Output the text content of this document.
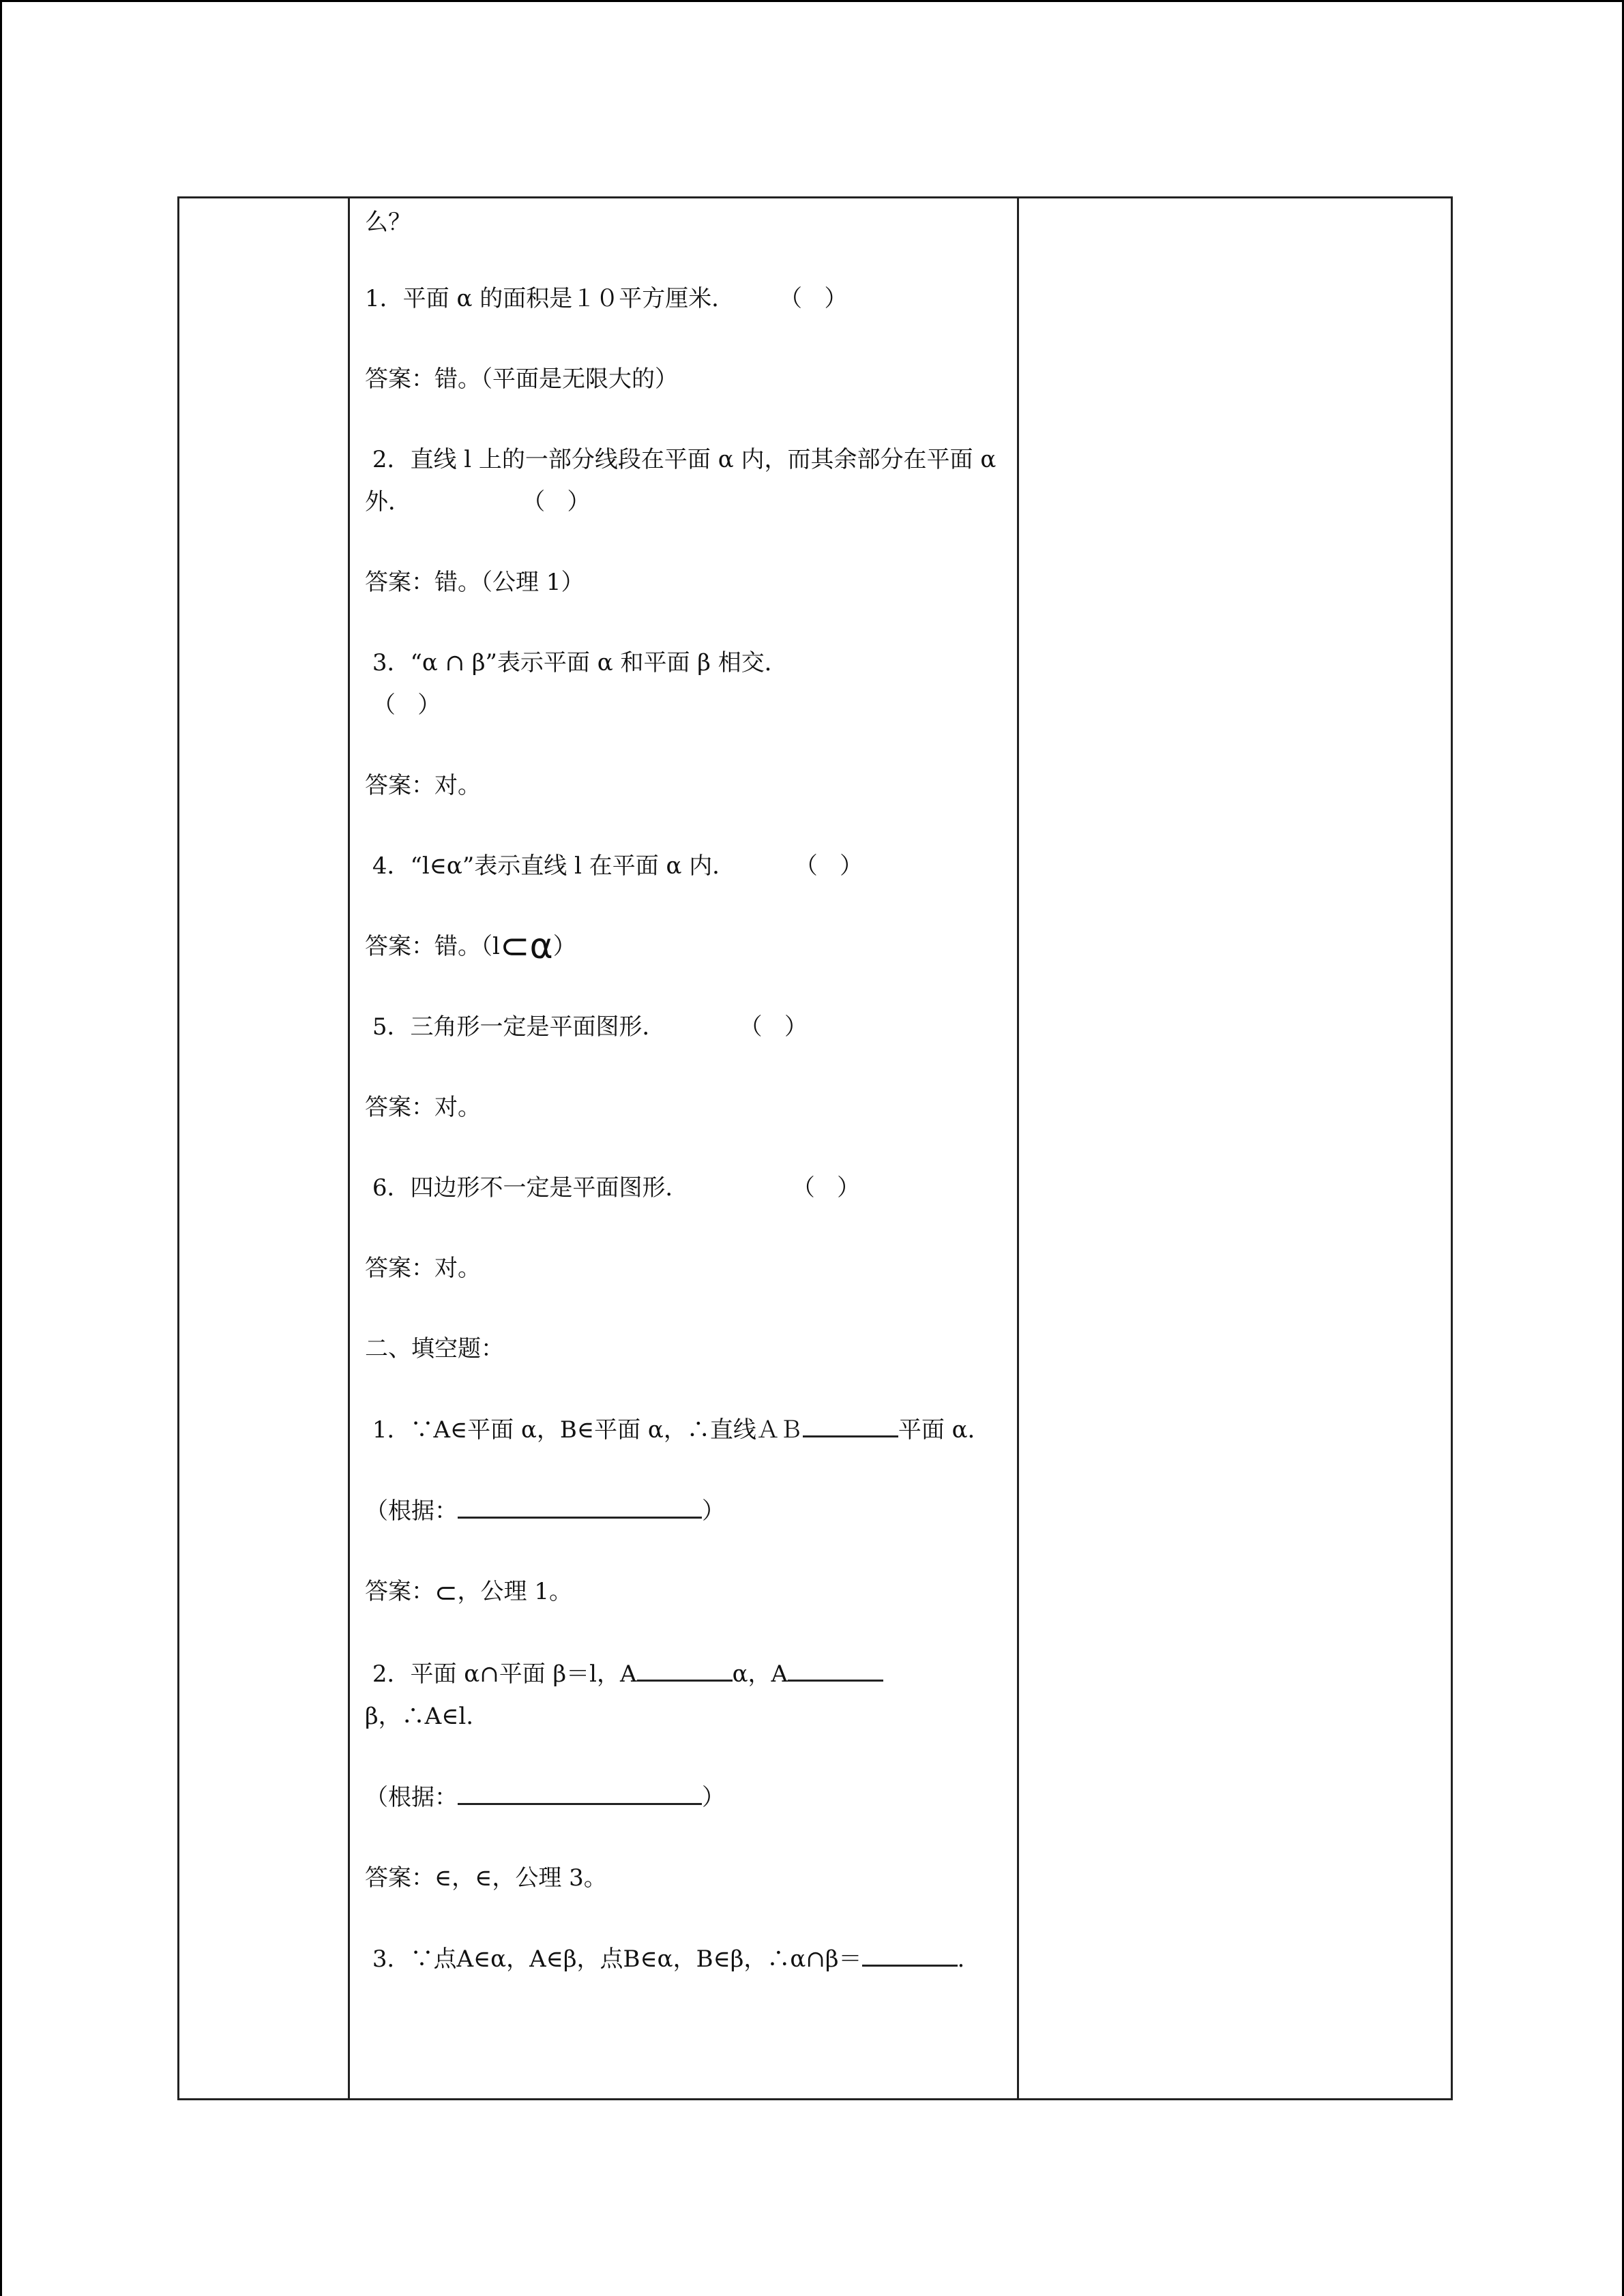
么？
1．平面 α 的面积是１０平方厘米．      （   ）
答案：错。（平面是无限大的）
2．直线 l 上的一部分线段在平面 α 内，而其余部分在平面 α 外．               （   ）
答案：错。（公理 1）
3．“α ∩ β”表示平面 α 和平面 β 相交．
（   ）
答案：对。
4．“l∈α”表示直线 l 在平面 α 内．        （   ）
答案：错。（l⊂α）
5．三角形一定是平面图形．          （   ）
答案：对。
6．四边形不一定是平面图形．              （   ）
答案：对。
二、填空题：
1．∵A∈平面 α，B∈平面 α，∴直线ＡＢ	平面 α．
（根据：	）
答案：⊂，公理 1。
2．平面 α∩平面 β＝l，A	α，A
β，∴A∈l.
（根据：	）
答案：∈，∈，公理 3。
3．∵点A∈α，A∈β，点B∈α，B∈β，∴α∩β＝	.
